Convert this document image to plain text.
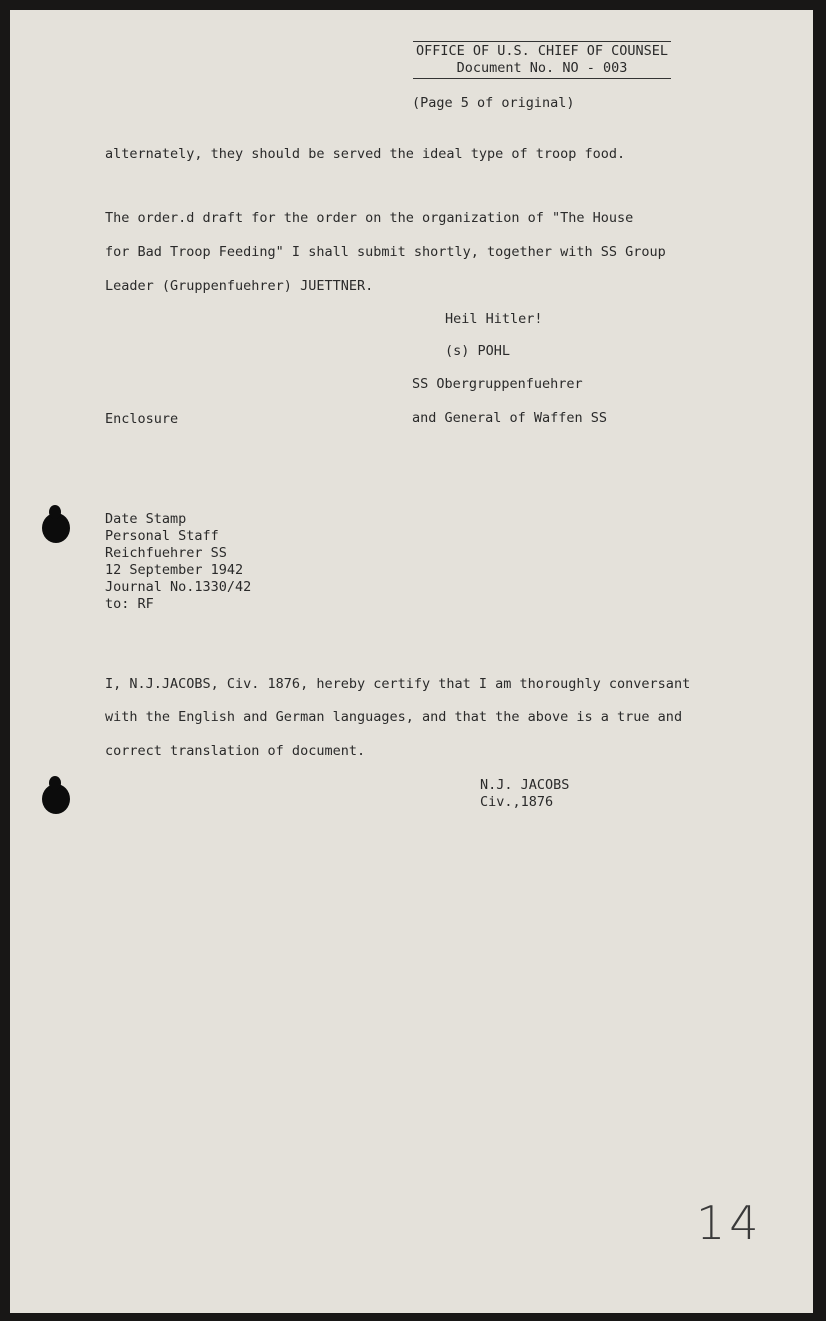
OFFICE OF U.S. CHIEF OF COUNSEL
Document No. NO - 003
(Page 5 of original)
alternately, they should be served the ideal type of troop food.
The order.d draft for the order on the organization of "The House
for Bad Troop Feeding" I shall submit shortly, together with SS Group
Leader (Gruppenfuehrer) JUETTNER.
Heil Hitler!
(s) POHL
SS Obergruppenfuehrer
and General of Waffen SS
Enclosure
Date Stamp
Personal Staff
Reichfuehrer SS
12 September 1942
Journal No.1330/42
to: RF
I, N.J.JACOBS, Civ. 1876, hereby certify that I am thoroughly conversant
with the English and German languages, and that the above is a true and
correct translation of document.
N.J. JACOBS
Civ.,1876
14
